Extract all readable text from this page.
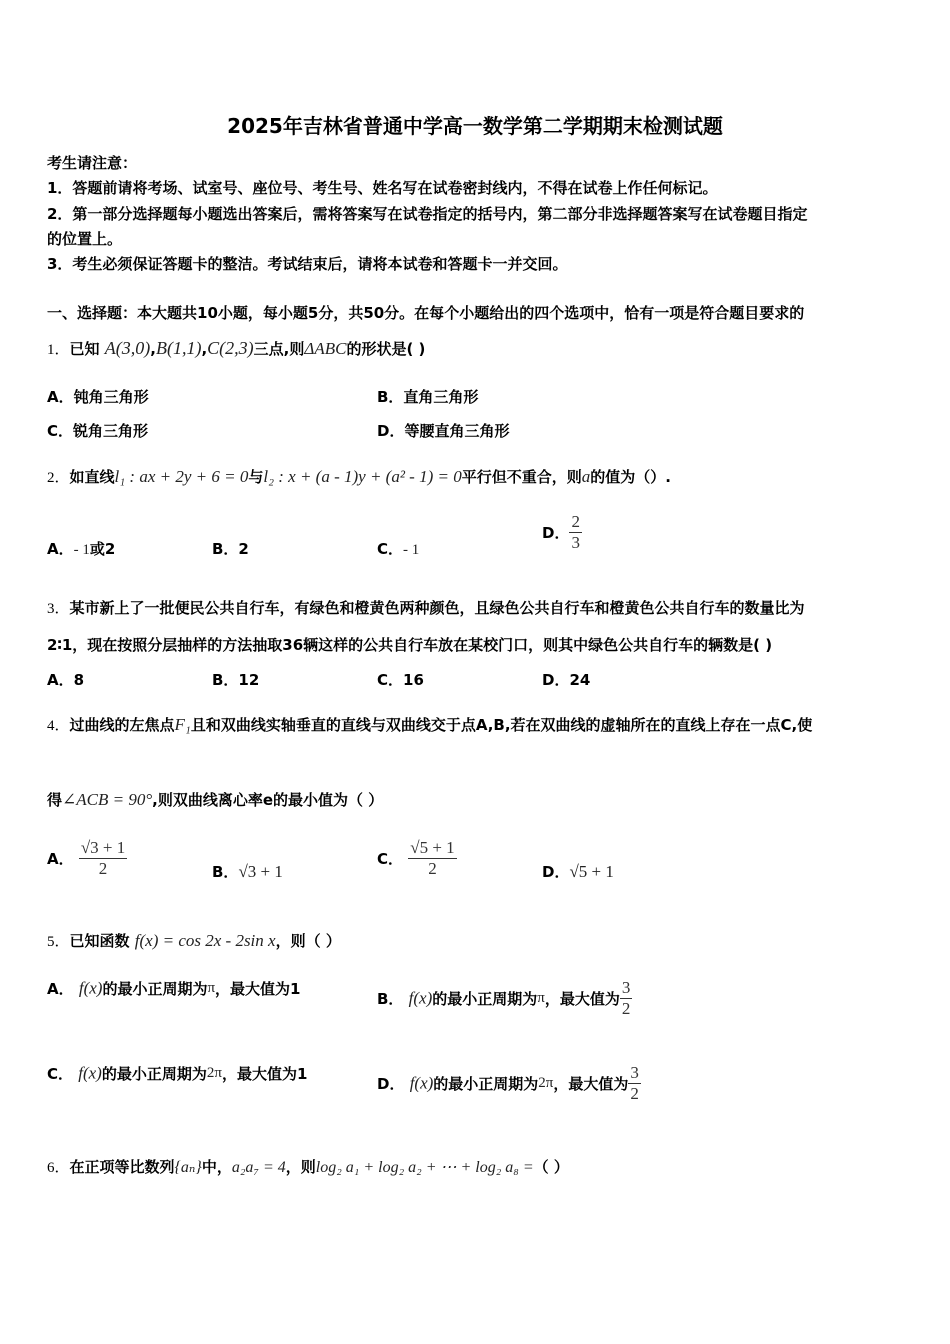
2025年吉林省普通中学高一数学第二学期期末检测试题
考生请注意：
1．答题前请将考场、试室号、座位号、考生号、姓名写在试卷密封线内，不得在试卷上作任何标记。
2．第一部分选择题每小题选出答案后，需将答案写在试卷指定的括号内，第二部分非选择题答案写在试卷题目指定
的位置上。
3．考生必须保证答题卡的整洁。考试结束后，请将本试卷和答题卡一并交回。
一、选择题：本大题共10小题，每小题5分，共50分。在每个小题给出的四个选项中，恰有一项是符合题目要求的
1．已知 A(3,0),B(1,1),C(2,3)三点,则ΔABC的形状是( )
A．钝角三角形	B．直角三角形
C．锐角三角形	D．等腰直角三角形
2．如直线l₁ : ax + 2y + 6 = 0与l₂ : x + (a - 1)y + (a² - 1) = 0平行但不重合，则a的值为（）.
A．- 1或2	B．2	C．- 1
D． $\frac{2}{3}$
3．某市新上了一批便民公共自行车，有绿色和橙黄色两种颜色，且绿色公共自行车和橙黄色公共自行车的数量比为
2∶1，现在按照分层抽样的方法抽取36辆这样的公共自行车放在某校门口，则其中绿色公共自行车的辆数是( )
A．8	B．12	C．16	D．24
4．过曲线的左焦点F₁且和双曲线实轴垂直的直线与双曲线交于点A,B,若在双曲线的虚轴所在的直线上存在一点C,使
得∠ACB = 90°,则双曲线离心率e的最小值为（ ）
A． $\frac{√3 + 1}{2}$	B．√3 + 1
C． $\frac{√5 + 1}{2}$	D．√5 + 1
5．已知函数 f(x) = cos 2x - 2sin x，则（ ）
A． f(x)的最小正周期为π，最大值为1
B． f(x)的最小正周期为π，最大值为 $\frac{3}{2}$
C． f(x)的最小正周期为2π，最大值为1
D． f(x)的最小正周期为2π，最大值为 $\frac{3}{2}$
6．在正项等比数列{aₙ}中，a₂a₇ = 4，则log₂ a₁ + log₂ a₂ + ⋯ + log₂ a₈ =（ ）
